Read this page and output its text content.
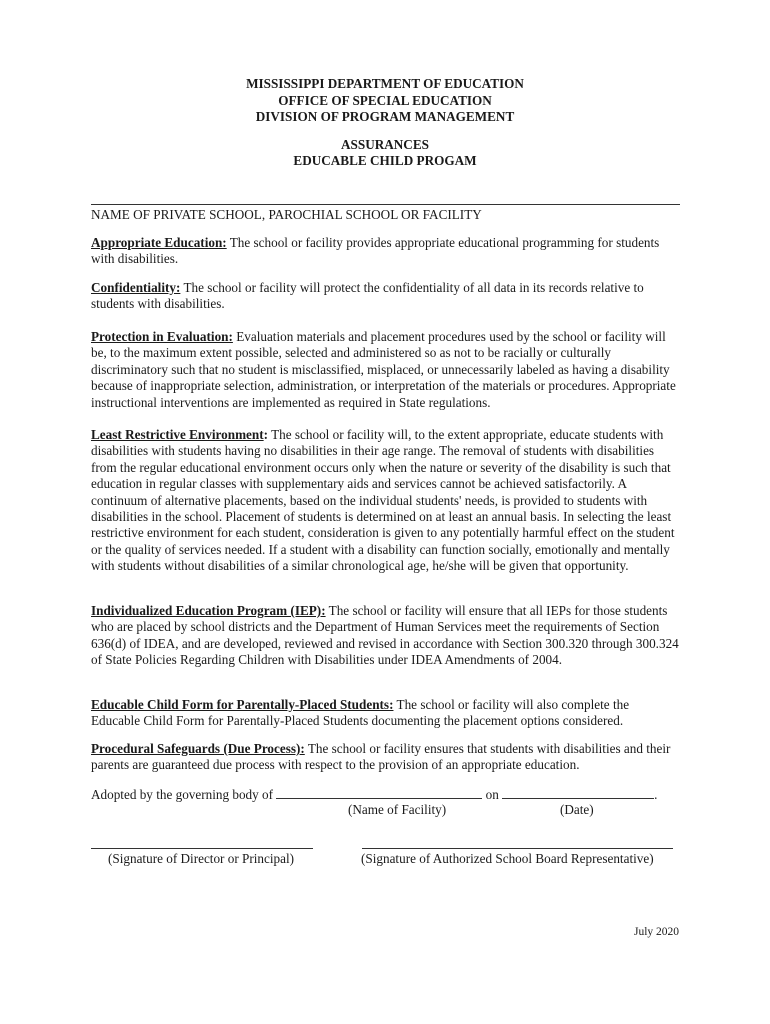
MISSISSIPPI DEPARTMENT OF EDUCATION
OFFICE OF SPECIAL EDUCATION
DIVISION OF PROGRAM MANAGEMENT
ASSURANCES
EDUCABLE CHILD PROGAM
NAME OF PRIVATE SCHOOL, PAROCHIAL SCHOOL OR FACILITY
Appropriate Education: The school or facility provides appropriate educational programming for students with disabilities.
Confidentiality: The school or facility will protect the confidentiality of all data in its records relative to students with disabilities.
Protection in Evaluation: Evaluation materials and placement procedures used by the school or facility will be, to the maximum extent possible, selected and administered so as not to be racially or culturally discriminatory such that no student is misclassified, misplaced, or unnecessarily labeled as having a disability because of inappropriate selection, administration, or interpretation of the materials or procedures. Appropriate instructional interventions are implemented as required in State regulations.
Least Restrictive Environment: The school or facility will, to the extent appropriate, educate students with disabilities with students having no disabilities in their age range. The removal of students with disabilities from the regular educational environment occurs only when the nature or severity of the disability is such that education in regular classes with supplementary aids and services cannot be achieved satisfactorily. A continuum of alternative placements, based on the individual students' needs, is provided to students with disabilities in the school. Placement of students is determined on at least an annual basis. In selecting the least restrictive environment for each student, consideration is given to any potentially harmful effect on the student or the quality of services needed. If a student with a disability can function socially, emotionally and mentally with students without disabilities of a similar chronological age, he/she will be given that opportunity.
Individualized Education Program (IEP): The school or facility will ensure that all IEPs for those students who are placed by school districts and the Department of Human Services meet the requirements of Section 636(d) of IDEA, and are developed, reviewed and revised in accordance with Section 300.320 through 300.324 of State Policies Regarding Children with Disabilities under IDEA Amendments of 2004.
Educable Child Form for Parentally-Placed Students: The school or facility will also complete the Educable Child Form for Parentally-Placed Students documenting the placement options considered.
Procedural Safeguards (Due Process): The school or facility ensures that students with disabilities and their parents are guaranteed due process with respect to the provision of an appropriate education.
Adopted by the governing body of	on	.
(Name of Facility)	(Date)
(Signature of Director or Principal)	(Signature of Authorized School Board Representative)
July 2020
